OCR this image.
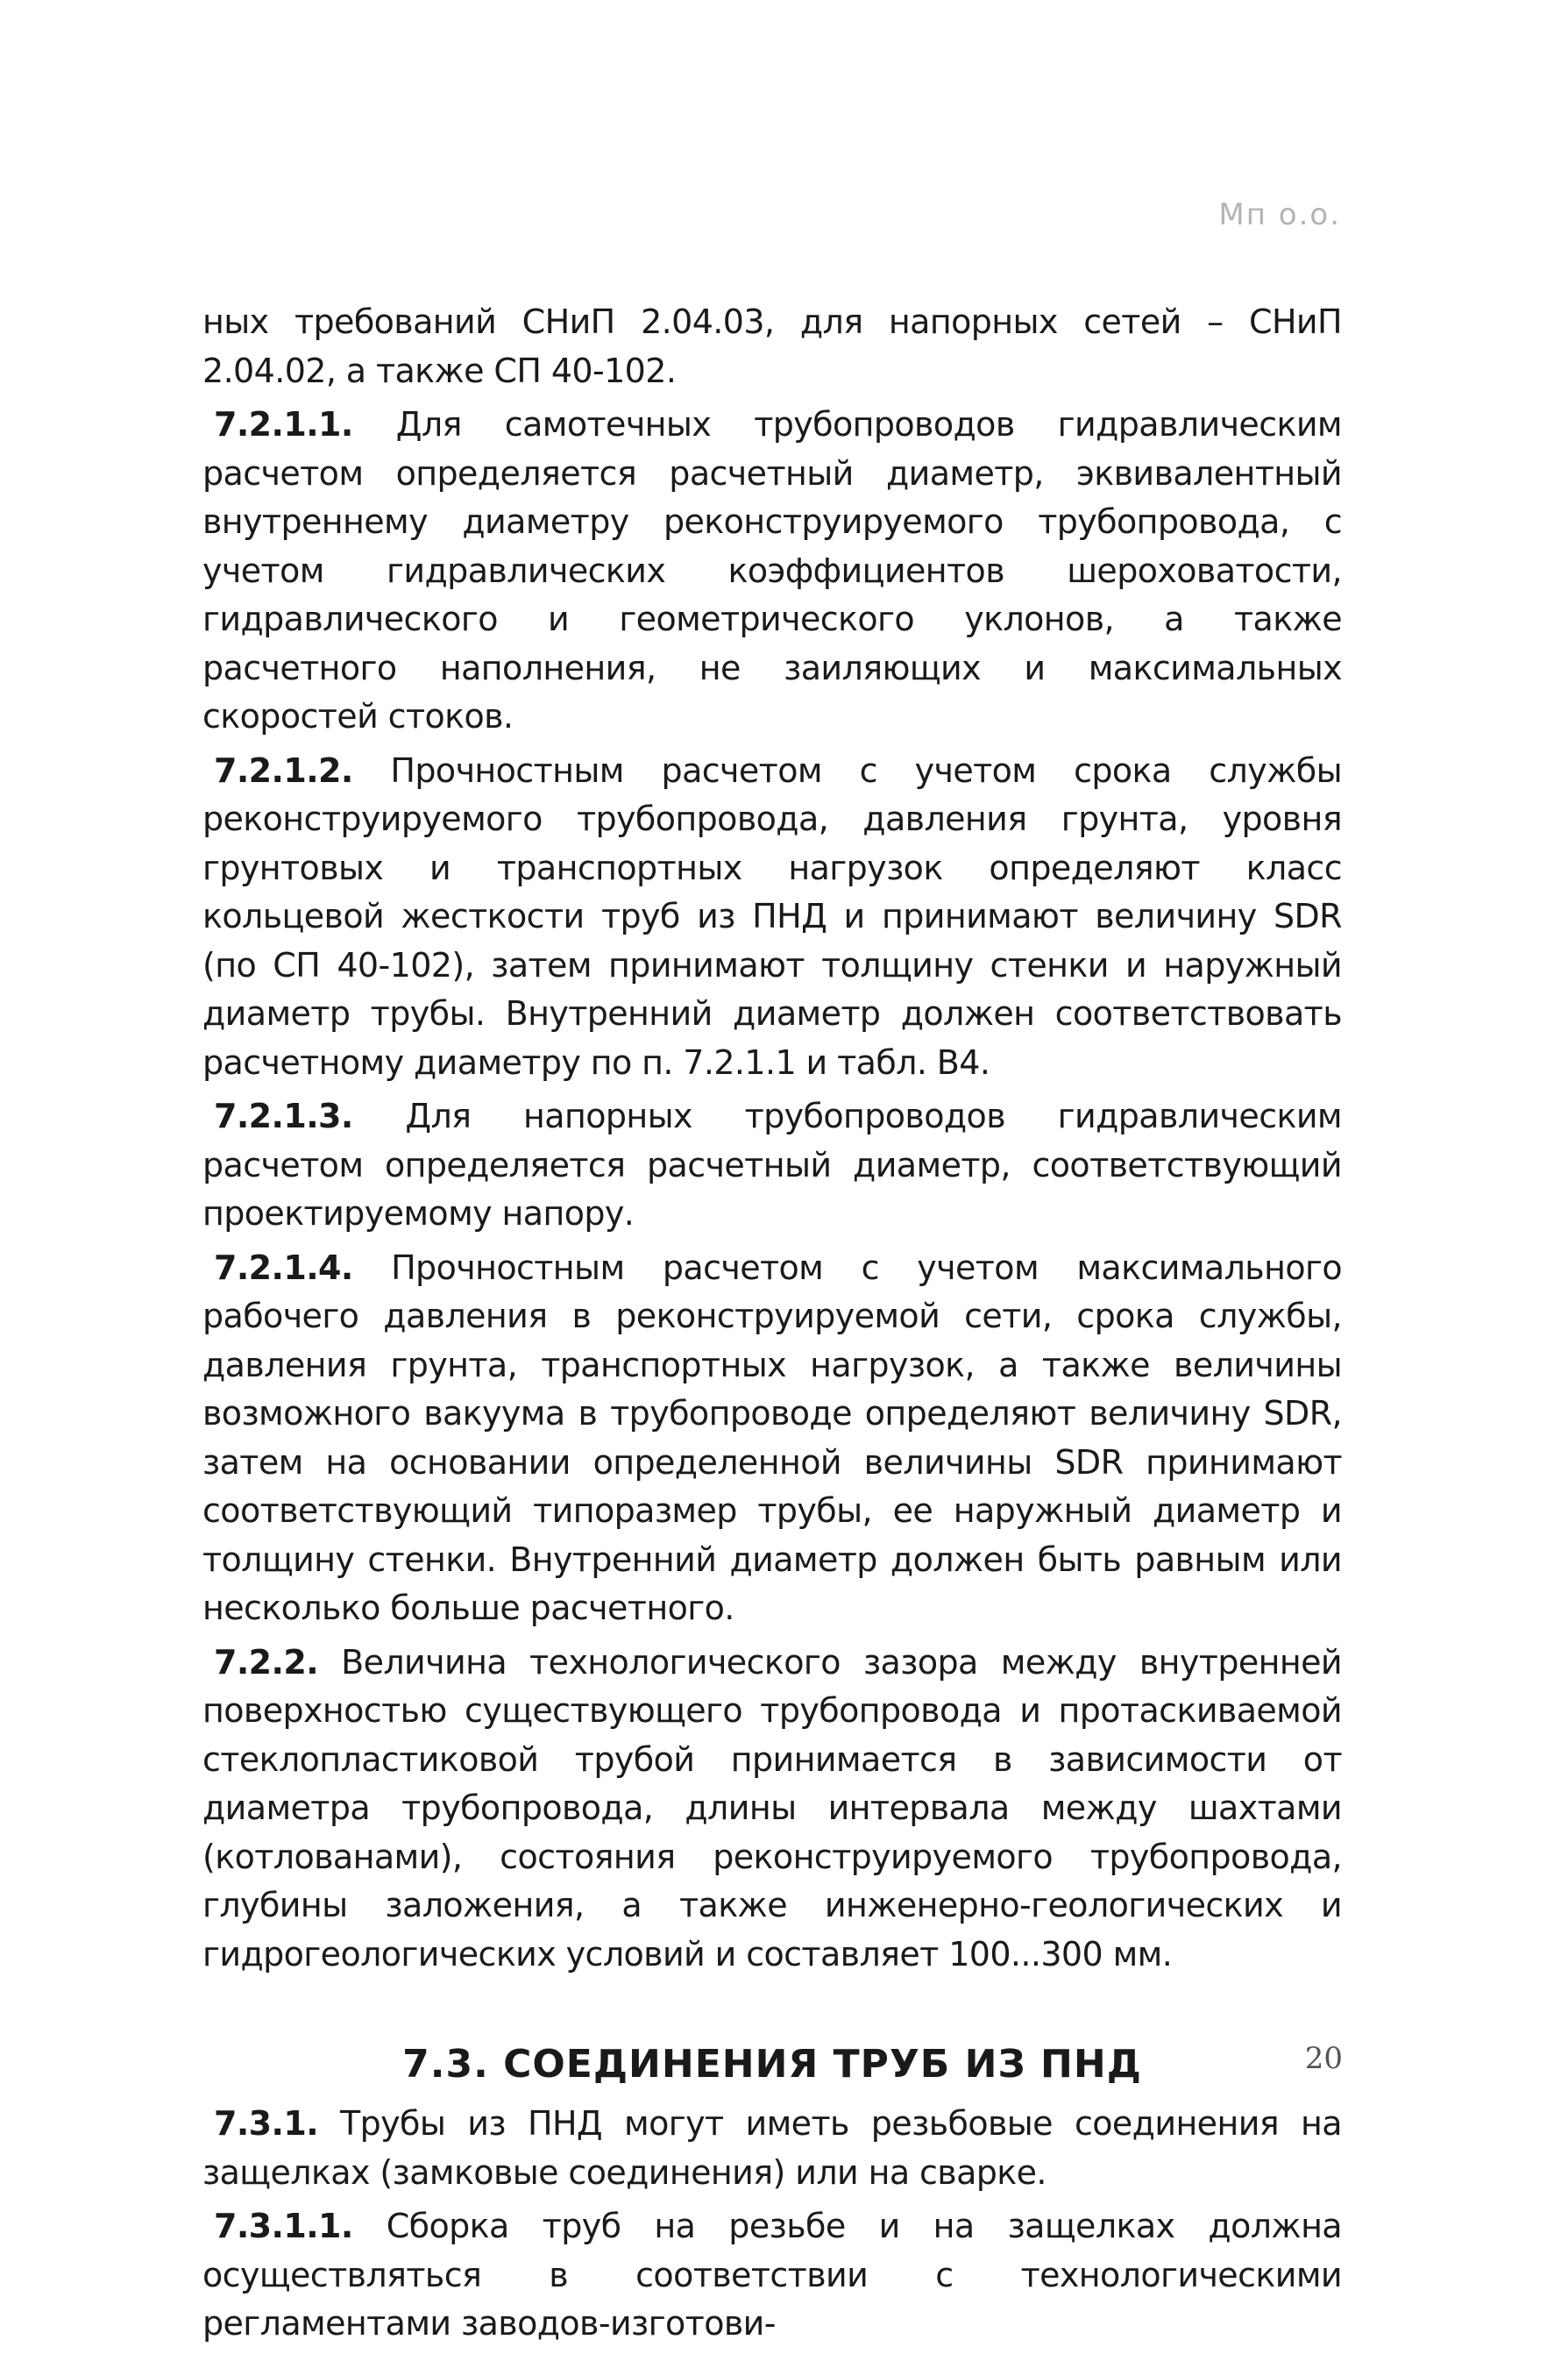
Мп о.о.

ных требований СНиП 2.04.03, для напорных сетей – СНиП 2.04.02, а также СП 40-102.

7.2.1.1. Для самотечных трубопроводов гидравлическим расчетом определяется расчетный диаметр, эквивалентный внутреннему диаметру реконструируемого трубопровода, с учетом гидравлических коэффициентов шероховатости, гидравлического и геометрического уклонов, а также расчетного наполнения, не заиляющих и максимальных скоростей стоков.

7.2.1.2. Прочностным расчетом с учетом срока службы реконструируемого трубопровода, давления грунта, уровня грунтовых и транспортных нагрузок определяют класс кольцевой жесткости труб из ПНД и принимают величину SDR (по СП 40-102), затем принимают толщину стенки и наружный диаметр трубы. Внутренний диаметр должен соответствовать расчетному диаметру по п. 7.2.1.1 и табл. В4.

7.2.1.3. Для напорных трубопроводов гидравлическим расчетом определяется расчетный диаметр, соответствующий проектируемому напору.

7.2.1.4. Прочностным расчетом с учетом максимального рабочего давления в реконструируемой сети, срока службы, давления грунта, транспортных нагрузок, а также величины возможного вакуума в трубопроводе определяют величину SDR, затем на основании определенной величины SDR принимают соответствующий типоразмер трубы, ее наружный диаметр и толщину стенки. Внутренний диаметр должен быть равным или несколько больше расчетного.

7.2.2. Величина технологического зазора между внутренней поверхностью существующего трубопровода и протаскиваемой стеклопластиковой трубой принимается в зависимости от диаметра трубопровода, длины интервала между шахтами (котлованами), состояния реконструируемого трубопровода, глубины заложения, а также инженерно-геологических и гидрогеологических условий и составляет 100...300 мм.

7.3. СОЕДИНЕНИЯ ТРУБ ИЗ ПНД

7.3.1. Трубы из ПНД могут иметь резьбовые соединения на защелках (замковые соединения) или на сварке.

7.3.1.1. Сборка труб на резьбе и на защелках должна осуществляться в соответствии с технологическими регламентами заводов-изготови-

20
